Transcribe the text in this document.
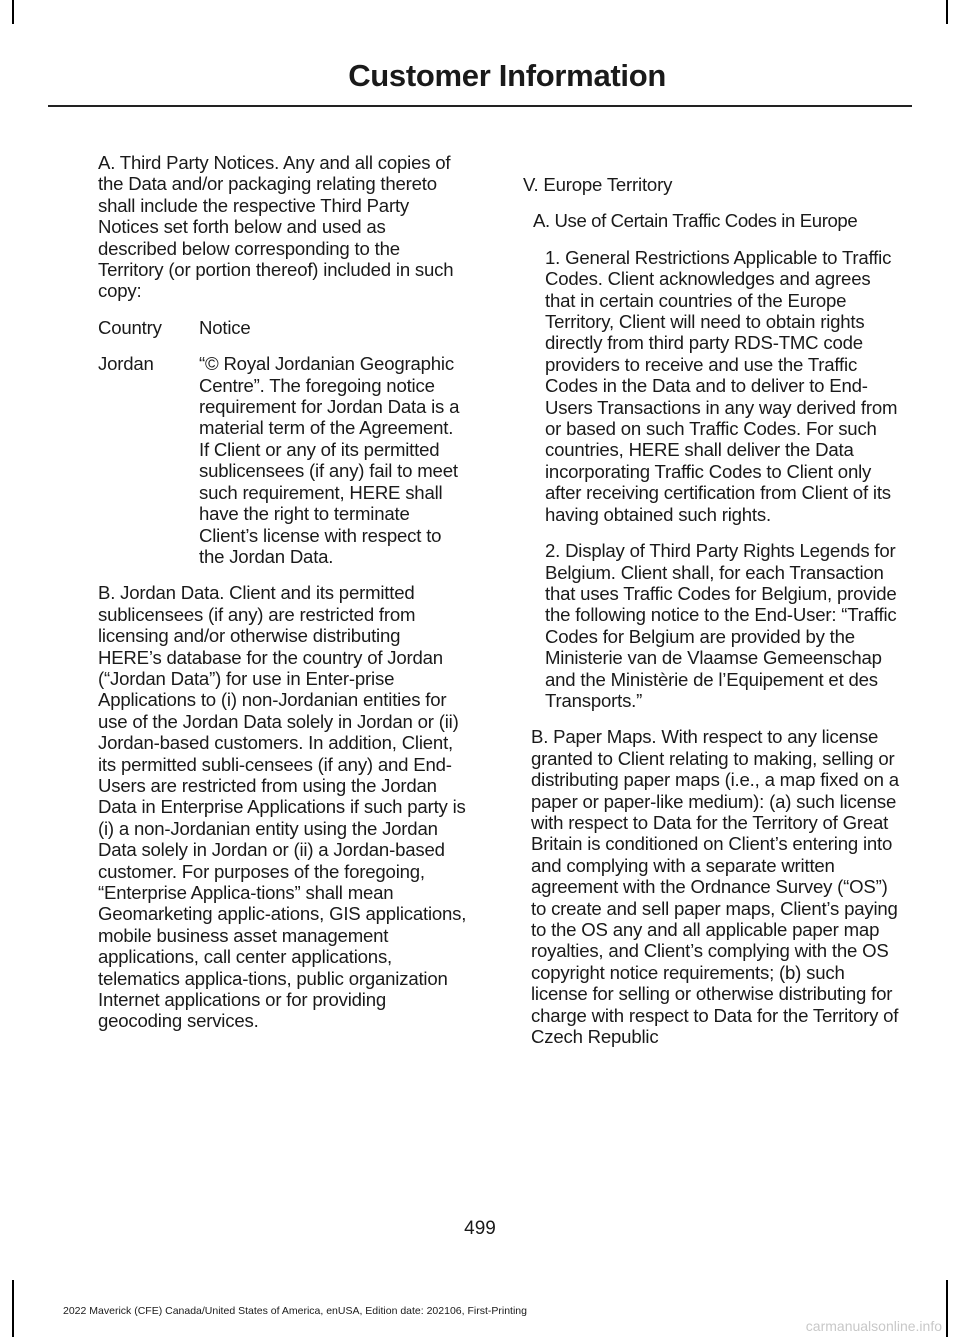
Customer Information

A. Third Party Notices. Any and all copies of the Data and/or packaging relating thereto shall include the respective Third Party Notices set forth below and used as described below corresponding to the Territory (or portion thereof) included in such copy:

Country	Notice
Jordan	“© Royal Jordanian Geographic Centre”. The foregoing notice requirement for Jordan Data is a material term of the Agreement. If Client or any of its permitted sublicensees (if any) fail to meet such requirement, HERE shall have the right to terminate Client’s license with respect to the Jordan Data.

B. Jordan Data. Client and its permitted sublicensees (if any) are restricted from licensing and/or otherwise distributing HERE’s database for the country of Jordan (“Jordan Data”) for use in Enter-prise Applications to (i) non-Jordanian entities for use of the Jordan Data solely in Jordan or (ii) Jordan-based customers. In addition, Client, its permitted subli-censees (if any) and End-Users are restricted from using the Jordan Data in Enterprise Applications if such party is (i) a non-Jordanian entity using the Jordan Data solely in Jordan or (ii) a Jordan-based customer. For purposes of the foregoing, “Enterprise Applica-tions” shall mean Geomarketing applic-ations, GIS applications, mobile business asset management applications, call center applications, telematics applica-tions, public organization Internet applications or for providing geocoding services.

V. Europe Territory

A. Use of Certain Traffic Codes in Europe

1. General Restrictions Applicable to Traffic Codes. Client acknowledges and agrees that in certain countries of the Europe Territory, Client will need to obtain rights directly from third party RDS-TMC code providers to receive and use the Traffic Codes in the Data and to deliver to End-Users Transactions in any way derived from or based on such Traffic Codes. For such countries, HERE shall deliver the Data incorporating Traffic Codes to Client only after receiving certification from Client of its having obtained such rights.

2. Display of Third Party Rights Legends for Belgium. Client shall, for each Transaction that uses Traffic Codes for Belgium, provide the following notice to the End-User: “Traffic Codes for Belgium are provided by the Ministerie van de Vlaamse Gemeenschap and the Ministèrie de l’Equipement et des Transports.”

B. Paper Maps. With respect to any license granted to Client relating to making, selling or distributing paper maps (i.e., a map fixed on a paper or paper-like medium): (a) such license with respect to Data for the Territory of Great Britain is conditioned on Client’s entering into and complying with a separate written agreement with the Ordnance Survey (“OS”) to create and sell paper maps, Client’s paying to the OS any and all applicable paper map royalties, and Client’s complying with the OS copyright notice requirements; (b) such license for selling or otherwise distributing for charge with respect to Data for the Territory of Czech Republic

499
2022 Maverick (CFE) Canada/United States of America, enUSA, Edition date: 202106, First-Printing
carmanualsonline.info
